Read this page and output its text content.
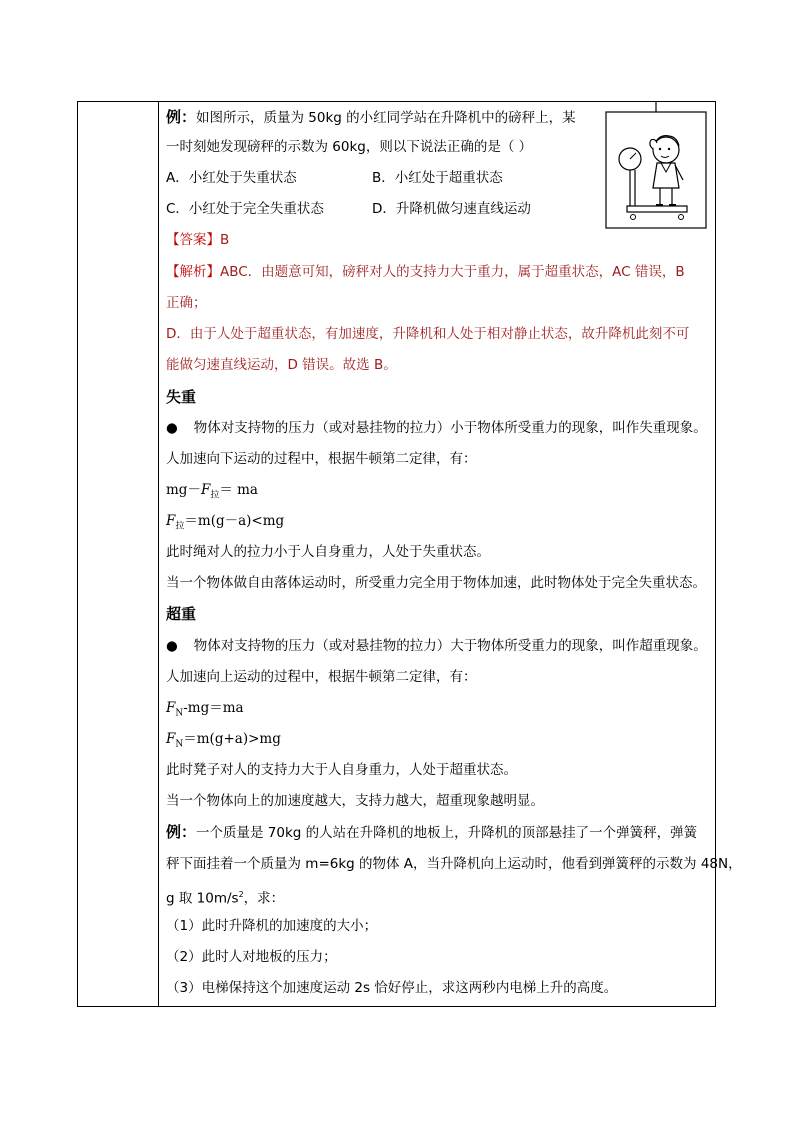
例：如图所示，质量为 50kg 的小红同学站在升降机中的磅秤上，某
一时刻她发现磅秤的示数为 60kg，则以下说法正确的是（ ）
A．小红处于失重状态	B．小红处于超重状态
C．小红处于完全失重状态	D．升降机做匀速直线运动
【答案】B
【解析】ABC．由题意可知，磅秤对人的支持力大于重力，属于超重状态，AC 错误，B
正确；
D．由于人处于超重状态，有加速度，升降机和人处于相对静止状态，故升降机此刻不可
能做匀速直线运动，D 错误。故选 B。
失重
● 物体对支持物的压力（或对悬挂物的拉力）小于物体所受重力的现象，叫作失重现象。
人加速向下运动的过程中，根据牛顿第二定律，有：
$mg-F_拉=$ ma
$F_拉=m(g-a)<mg$
此时绳对人的拉力小于人自身重力，人处于失重状态。
当一个物体做自由落体运动时，所受重力完全用于物体加速，此时物体处于完全失重状态。
超重
● 物体对支持物的压力（或对悬挂物的拉力）大于物体所受重力的现象，叫作超重现象。
人加速向上运动的过程中，根据牛顿第二定律，有：
$F_N-mg=ma$
$F_N=m(g+a)>mg$
此时凳子对人的支持力大于人自身重力，人处于超重状态。
当一个物体向上的加速度越大，支持力越大，超重现象越明显。
例：一个质量是 70kg 的人站在升降机的地板上，升降机的顶部悬挂了一个弹簧秤，弹簧
秤下面挂着一个质量为 m=6kg 的物体 A，当升降机向上运动时，他看到弹簧秤的示数为 48N，
g 取 $10m/s^2$，求：
（1）此时升降机的加速度的大小；
（2）此时人对地板的压力；
（3）电梯保持这个加速度运动 2s 恰好停止，求这两秒内电梯上升的高度。
